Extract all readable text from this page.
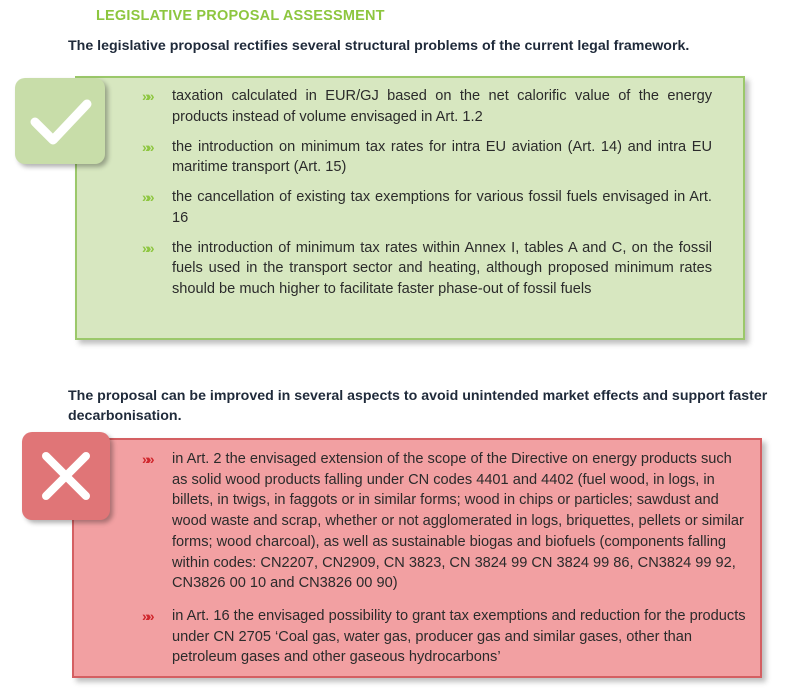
LEGISLATIVE PROPOSAL ASSESSMENT
The legislative proposal rectifies several structural problems of the current legal framework.
»» taxation calculated in EUR/GJ based on the net calorific value of the energy products instead of volume envisaged in Art. 1.2
»» the introduction on minimum tax rates for intra EU aviation (Art. 14) and intra EU maritime transport (Art. 15)
»» the cancellation of existing tax exemptions for various fossil fuels envisaged in Art. 16
»» the introduction of minimum tax rates within Annex I, tables A and C, on the fossil fuels used in the transport sector and heating, although proposed minimum rates should be much higher to facilitate faster phase-out of fossil fuels
The proposal can be improved in several aspects to avoid unintended market effects and support faster decarbonisation.
»» in Art. 2 the envisaged extension of the scope of the Directive on energy products such as solid wood products falling under CN codes 4401 and 4402 (fuel wood, in logs, in billets, in twigs, in faggots or in similar forms; wood in chips or particles; sawdust and wood waste and scrap, whether or not agglomerated in logs, briquettes, pellets or similar forms; wood charcoal), as well as sustainable biogas and biofuels (components falling within codes: CN2207, CN2909, CN 3823, CN 3824 99 CN 3824 99 86, CN3824 99 92, CN3826 00 10 and CN3826 00 90)
»» in Art. 16 the envisaged possibility to grant tax exemptions and reduction for the products under CN 2705 ‘Coal gas, water gas, producer gas and similar gases, other than petroleum gases and other gaseous hydrocarbons’
